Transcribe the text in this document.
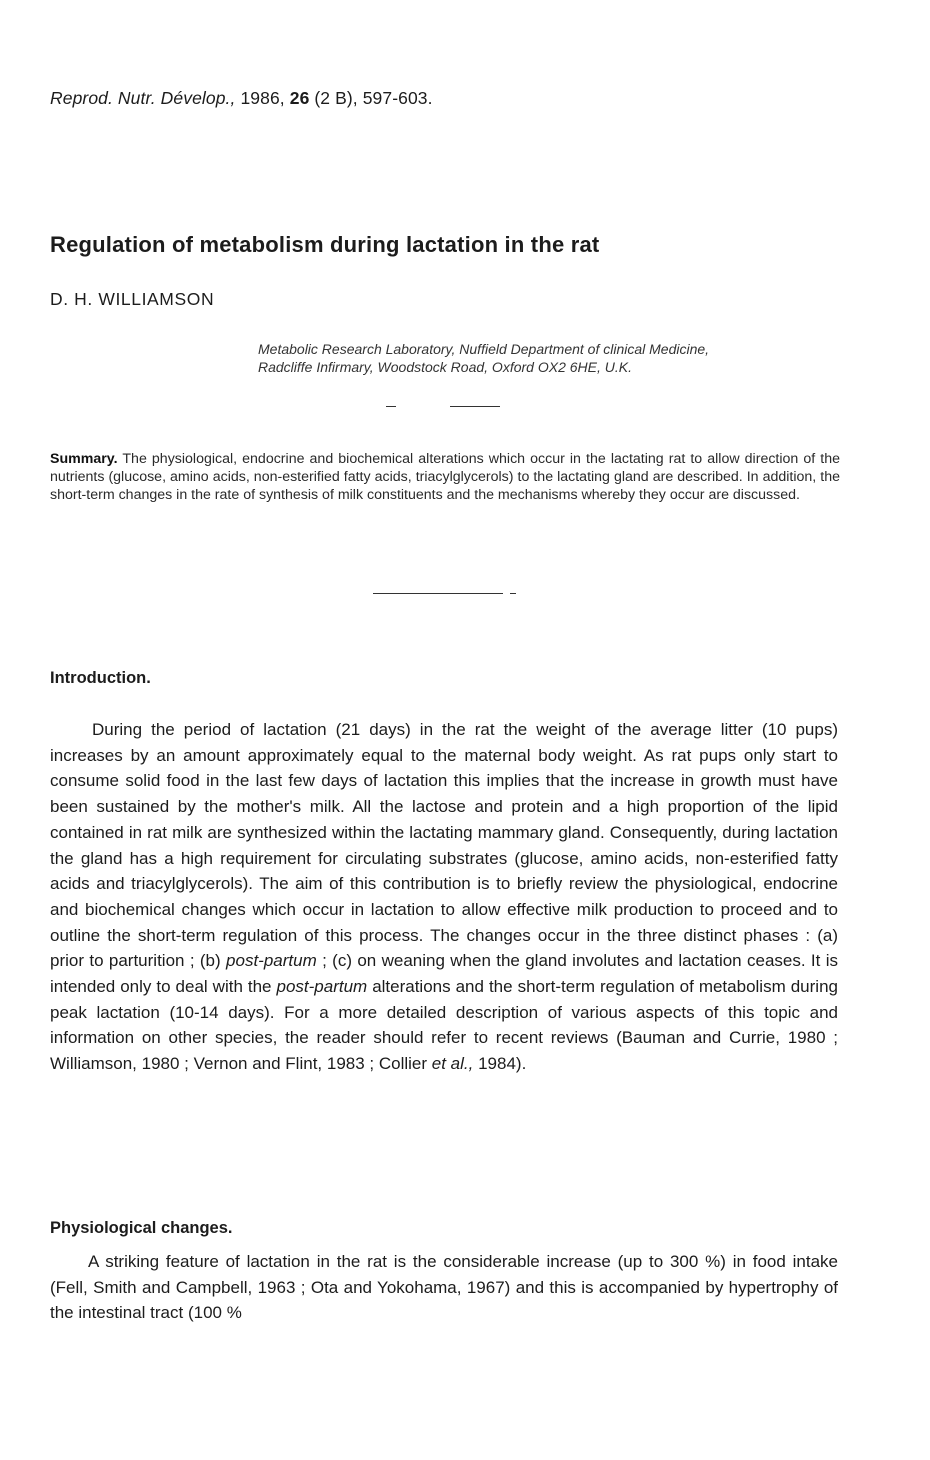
Reprod. Nutr. Dévelop., 1986, 26 (2 B), 597-603.
Regulation of metabolism during lactation in the rat
D. H. WILLIAMSON
Metabolic Research Laboratory, Nuffield Department of clinical Medicine,
Radcliffe Infirmary, Woodstock Road, Oxford OX2 6HE, U.K.
Summary. The physiological, endocrine and biochemical alterations which occur in the lactating rat to allow direction of the nutrients (glucose, amino acids, non-esterified fatty acids, triacylglycerols) to the lactating gland are described. In addition, the short-term changes in the rate of synthesis of milk constituents and the mechanisms whereby they occur are discussed.
Introduction.

During the period of lactation (21 days) in the rat the weight of the average litter (10 pups) increases by an amount approximately equal to the maternal body weight. As rat pups only start to consume solid food in the last few days of lactation this implies that the increase in growth must have been sustained by the mother's milk. All the lactose and protein and a high proportion of the lipid contained in rat milk are synthesized within the lactating mammary gland. Consequently, during lactation the gland has a high requirement for circulating substrates (glucose, amino acids, non-esterified fatty acids and triacylglycerols). The aim of this contribution is to briefly review the physiological, endocrine and biochemical changes which occur in lactation to allow effective milk production to proceed and to outline the short-term regulation of this process. The changes occur in the three distinct phases : (a) prior to parturition ; (b) post-partum ; (c) on weaning when the gland involutes and lactation ceases. It is intended only to deal with the post-partum alterations and the short-term regulation of metabolism during peak lactation (10-14 days). For a more detailed description of various aspects of this topic and information on other species, the reader should refer to recent reviews (Bauman and Currie, 1980 ; Williamson, 1980 ; Vernon and Flint, 1983 ; Collier et al., 1984).

Physiological changes.

A striking feature of lactation in the rat is the considerable increase (up to 300 %) in food intake (Fell, Smith and Campbell, 1963 ; Ota and Yokohama, 1967) and this is accompanied by hypertrophy of the intestinal tract (100 %
